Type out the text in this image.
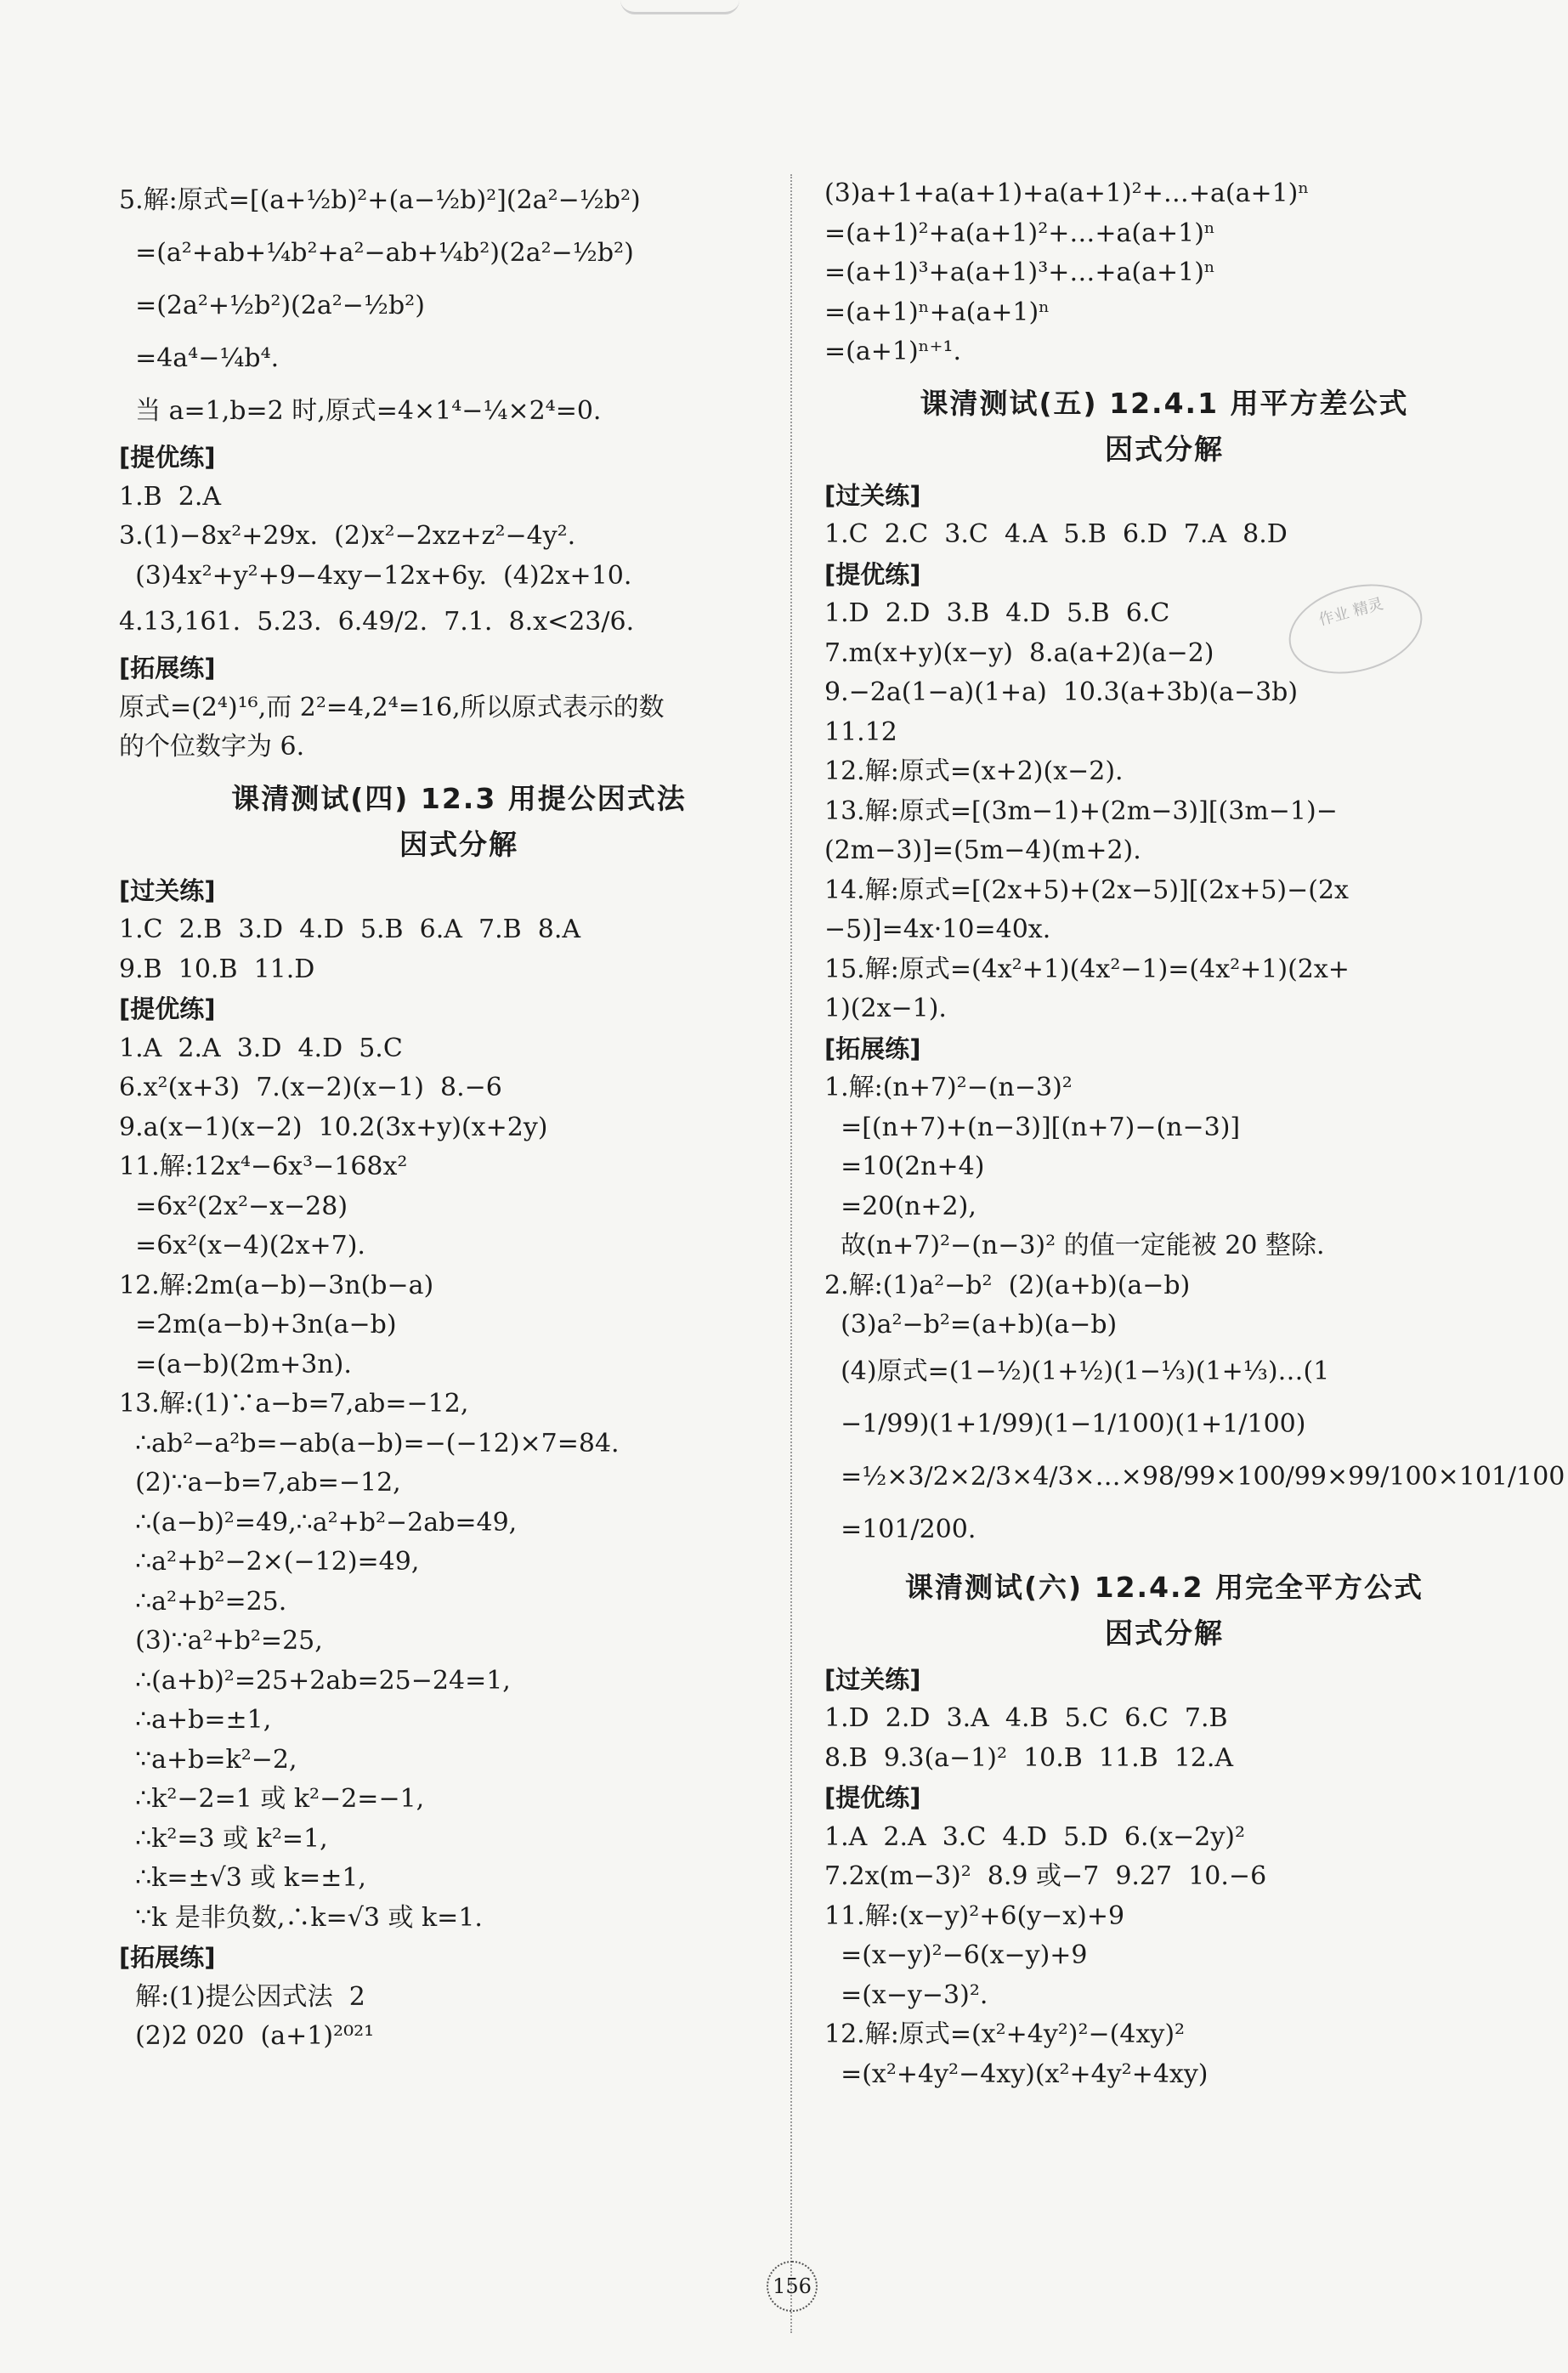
5.解:原式=[(a+½b)²+(a−½b)²](2a²−½b²)
=(a²+ab+¼b²+a²−ab+¼b²)(2a²−½b²)
=(2a²+½b²)(2a²−½b²)
=4a⁴−¼b⁴.
当 a=1,b=2 时,原式=4×1⁴−¼×2⁴=0.
[提优练]
1.B  2.A
3.(1)−8x²+29x.  (2)x²−2xz+z²−4y².
(3)4x²+y²+9−4xy−12x+6y.  (4)2x+10.
4.13,161.  5.23.  6.49/2.  7.1.  8.x<23/6.
[拓展练]
原式=(2⁴)¹⁶,而 2²=4,2⁴=16,所以原式表示的数
的个位数字为 6.
课清测试(四) 12.3 用提公因式法
因式分解
[过关练]
1.C  2.B  3.D  4.D  5.B  6.A  7.B  8.A
9.B  10.B  11.D
[提优练]
1.A  2.A  3.D  4.D  5.C
6.x²(x+3)  7.(x−2)(x−1)  8.−6
9.a(x−1)(x−2)  10.2(3x+y)(x+2y)
11.解:12x⁴−6x³−168x²
=6x²(2x²−x−28)
=6x²(x−4)(2x+7).
12.解:2m(a−b)−3n(b−a)
=2m(a−b)+3n(a−b)
=(a−b)(2m+3n).
13.解:(1)∵a−b=7,ab=−12,
∴ab²−a²b=−ab(a−b)=−(−12)×7=84.
(2)∵a−b=7,ab=−12,
∴(a−b)²=49,∴a²+b²−2ab=49,
∴a²+b²−2×(−12)=49,
∴a²+b²=25.
(3)∵a²+b²=25,
∴(a+b)²=25+2ab=25−24=1,
∴a+b=±1,
∵a+b=k²−2,
∴k²−2=1 或 k²−2=−1,
∴k²=3 或 k²=1,
∴k=±√3 或 k=±1,
∵k 是非负数,∴k=√3 或 k=1.
[拓展练]
解:(1)提公因式法  2
(2)2 020  (a+1)²⁰²¹
(3)a+1+a(a+1)+a(a+1)²+…+a(a+1)ⁿ
=(a+1)²+a(a+1)²+…+a(a+1)ⁿ
=(a+1)³+a(a+1)³+…+a(a+1)ⁿ
=(a+1)ⁿ+a(a+1)ⁿ
=(a+1)ⁿ⁺¹.
课清测试(五) 12.4.1 用平方差公式
因式分解
[过关练]
1.C  2.C  3.C  4.A  5.B  6.D  7.A  8.D
[提优练]
1.D  2.D  3.B  4.D  5.B  6.C
7.m(x+y)(x−y)  8.a(a+2)(a−2)
9.−2a(1−a)(1+a)  10.3(a+3b)(a−3b)
11.12
12.解:原式=(x+2)(x−2).
13.解:原式=[(3m−1)+(2m−3)][(3m−1)−
(2m−3)]=(5m−4)(m+2).
14.解:原式=[(2x+5)+(2x−5)][(2x+5)−(2x
−5)]=4x·10=40x.
15.解:原式=(4x²+1)(4x²−1)=(4x²+1)(2x+
1)(2x−1).
[拓展练]
1.解:(n+7)²−(n−3)²
=[(n+7)+(n−3)][(n+7)−(n−3)]
=10(2n+4)
=20(n+2),
故(n+7)²−(n−3)² 的值一定能被 20 整除.
2.解:(1)a²−b²  (2)(a+b)(a−b)
(3)a²−b²=(a+b)(a−b)
(4)原式=(1−½)(1+½)(1−⅓)(1+⅓)…(1
−1/99)(1+1/99)(1−1/100)(1+1/100)
=½×3/2×2/3×4/3×…×98/99×100/99×99/100×101/100
=101/200.
课清测试(六) 12.4.2 用完全平方公式
因式分解
[过关练]
1.D  2.D  3.A  4.B  5.C  6.C  7.B
8.B  9.3(a−1)²  10.B  11.B  12.A
[提优练]
1.A  2.A  3.C  4.D  5.D  6.(x−2y)²
7.2x(m−3)²  8.9 或−7  9.27  10.−6
11.解:(x−y)²+6(y−x)+9
=(x−y)²−6(x−y)+9
=(x−y−3)².
12.解:原式=(x²+4y²)²−(4xy)²
=(x²+4y²−4xy)(x²+4y²+4xy)
作业 精灵
156
